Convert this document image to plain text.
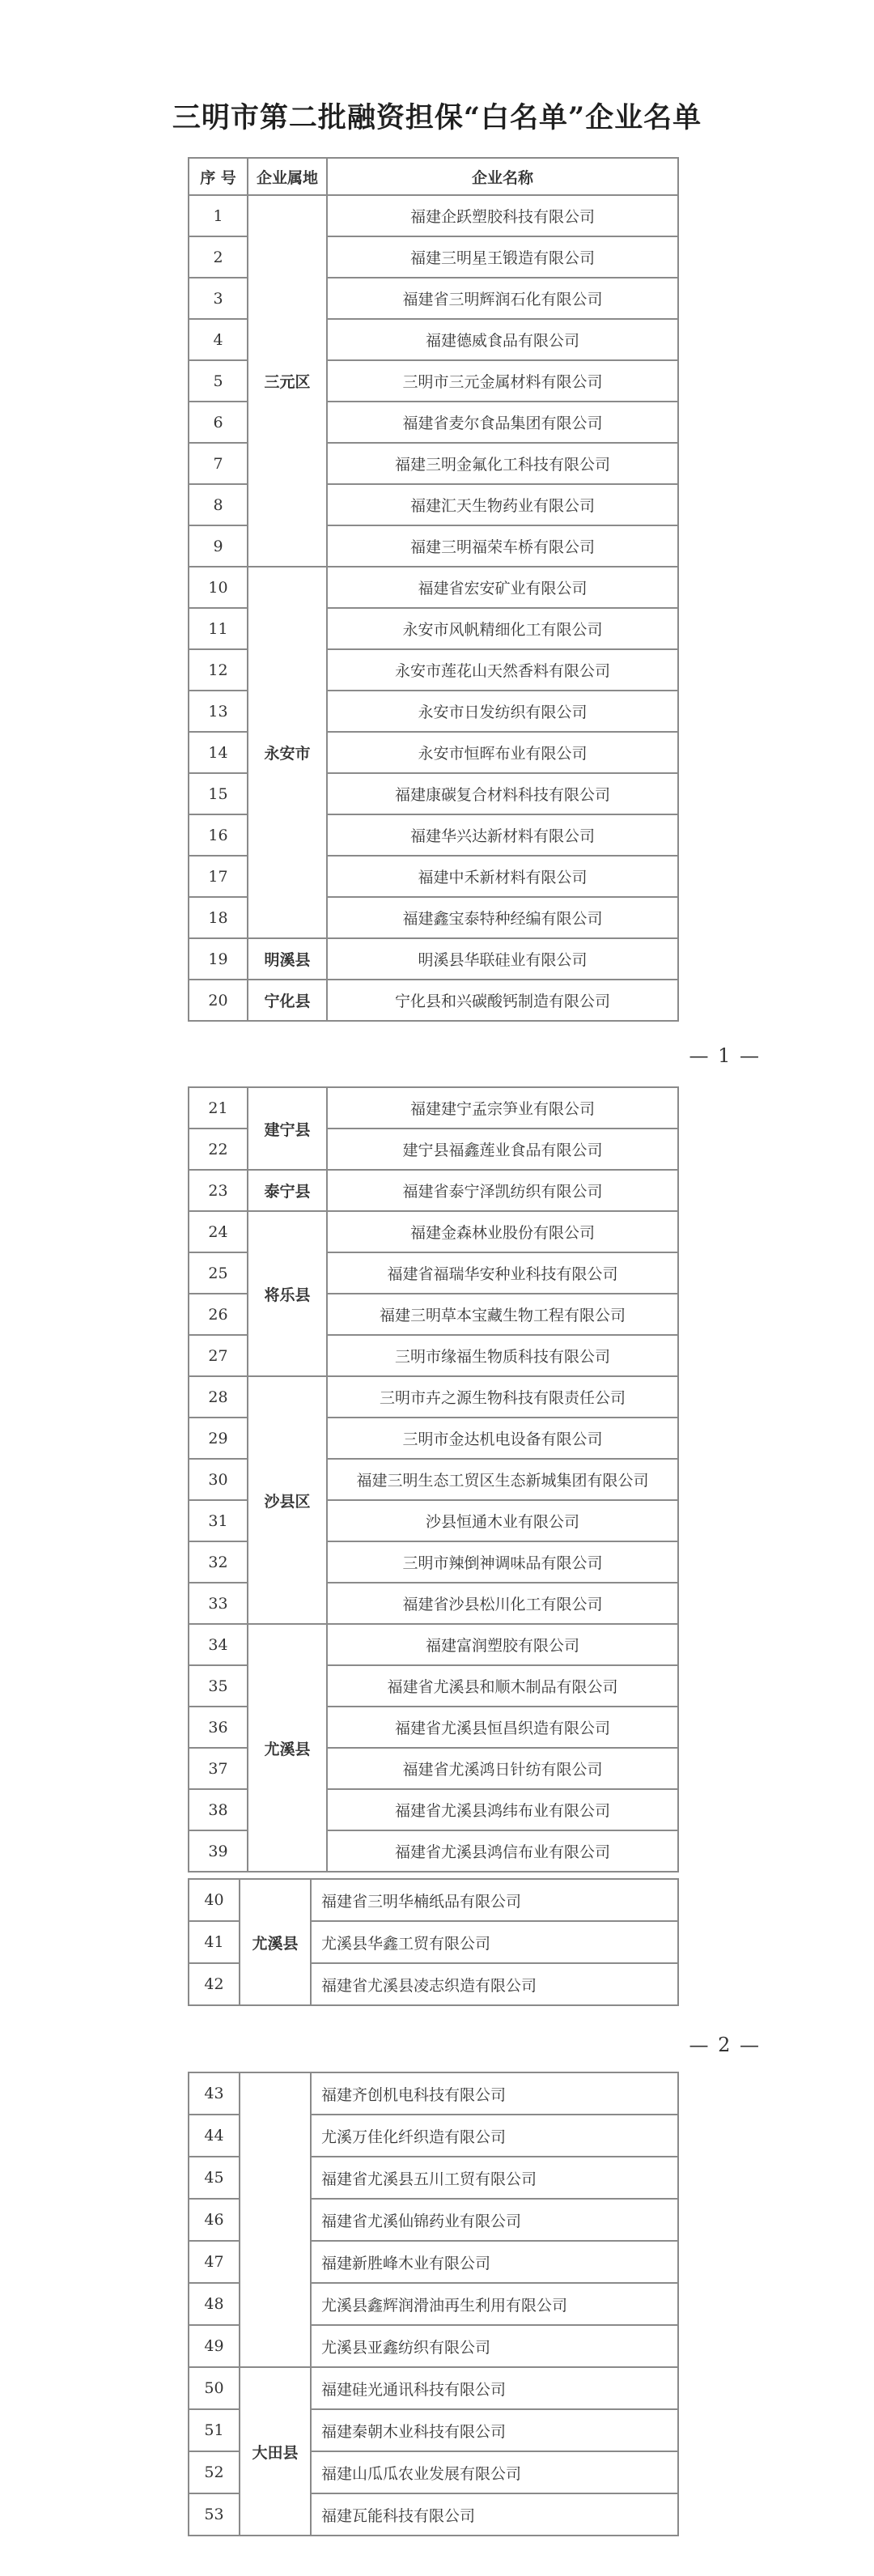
三明市第二批融资担保“白名单”企业名单
序 号	企业属地	企业名称
1	三元区	福建企跃塑胶科技有限公司
2		福建三明星王锻造有限公司
3		福建省三明辉润石化有限公司
4		福建德威食品有限公司
5		三明市三元金属材料有限公司
6		福建省麦尔食品集团有限公司
7		福建三明金氟化工科技有限公司
8		福建汇天生物药业有限公司
9		福建三明福荣车桥有限公司
10	永安市	福建省宏安矿业有限公司
11		永安市风帆精细化工有限公司
12		永安市莲花山天然香料有限公司
13		永安市日发纺织有限公司
14		永安市恒晖布业有限公司
15		福建康碳复合材料科技有限公司
16		福建华兴达新材料有限公司
17		福建中禾新材料有限公司
18		福建鑫宝泰特种经编有限公司
19	明溪县	明溪县华联硅业有限公司
20	宁化县	宁化县和兴碳酸钙制造有限公司
— 1 —
21	建宁县	福建建宁孟宗笋业有限公司
22		建宁县福鑫莲业食品有限公司
23	泰宁县	福建省泰宁泽凯纺织有限公司
24	将乐县	福建金森林业股份有限公司
25		福建省福瑞华安种业科技有限公司
26		福建三明草本宝藏生物工程有限公司
27		三明市缘福生物质科技有限公司
28	沙县区	三明市卉之源生物科技有限责任公司
29		三明市金达机电设备有限公司
30		福建三明生态工贸区生态新城集团有限公司
31		沙县恒通木业有限公司
32		三明市辣倒神调味品有限公司
33		福建省沙县松川化工有限公司
34	尤溪县	福建富润塑胶有限公司
35		福建省尤溪县和顺木制品有限公司
36		福建省尤溪县恒昌织造有限公司
37		福建省尤溪鸿日针纺有限公司
38		福建省尤溪县鸿纬布业有限公司
39		福建省尤溪县鸿信布业有限公司
40	尤溪县	福建省三明华楠纸品有限公司
41		尤溪县华鑫工贸有限公司
42		福建省尤溪县凌志织造有限公司
— 2 —
43		福建齐创机电科技有限公司
44		尤溪万佳化纤织造有限公司
45		福建省尤溪县五川工贸有限公司
46		福建省尤溪仙锦药业有限公司
47		福建新胜峰木业有限公司
48		尤溪县鑫辉润滑油再生利用有限公司
49		尤溪县亚鑫纺织有限公司
50	大田县	福建硅光通讯科技有限公司
51		福建秦朝木业科技有限公司
52		福建山瓜瓜农业发展有限公司
53		福建瓦能科技有限公司
